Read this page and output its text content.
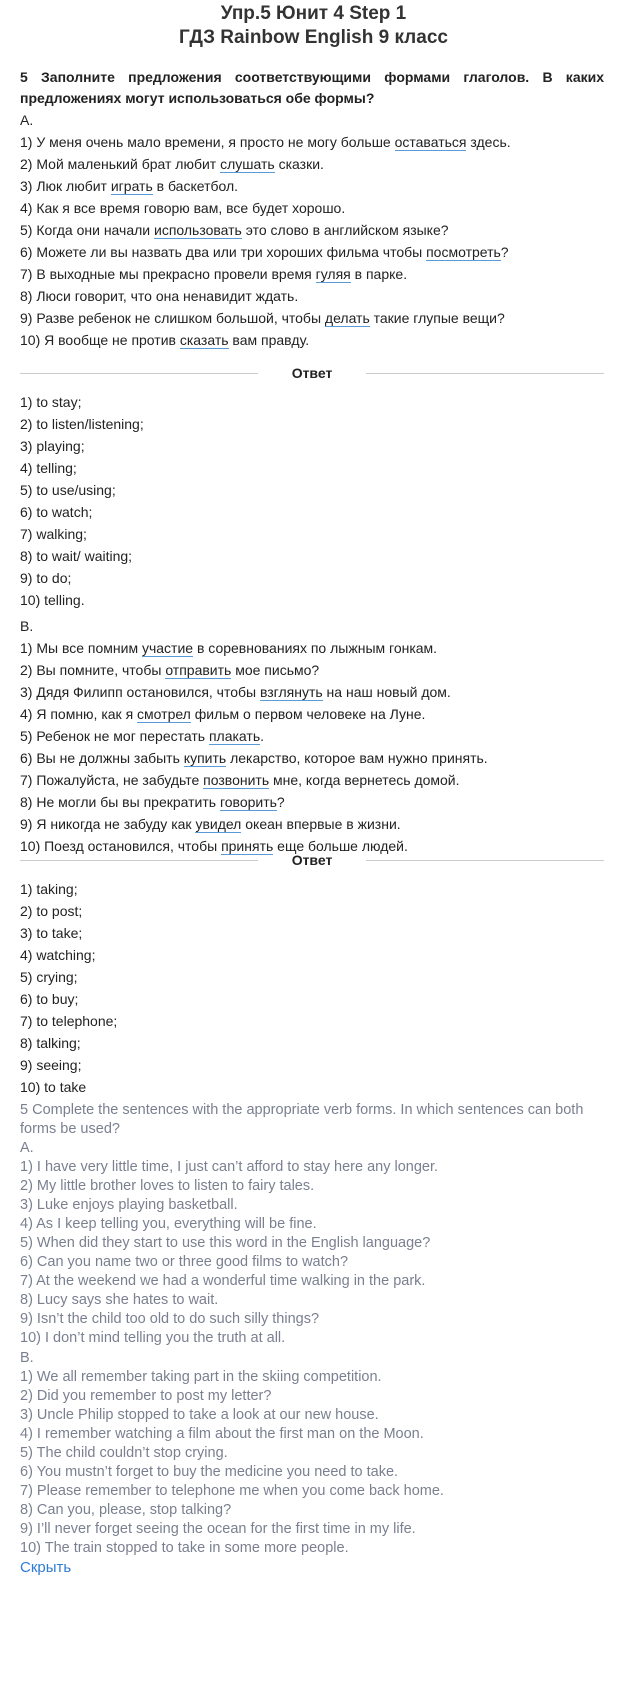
Упр.5 Юнит 4 Step 1
ГДЗ Rainbow English 9 класс
5 Заполните предложения соответствующими формами глаголов. В каких предложениях могут использоваться обе формы?
A.
1) У меня очень мало времени, я просто не могу больше оставаться здесь.
2) Мой маленький брат любит слушать сказки.
3) Люк любит играть в баскетбол.
4) Как я все время говорю вам, все будет хорошо.
5) Когда они начали использовать это слово в английском языке?
6) Можете ли вы назвать два или три хороших фильма чтобы посмотреть?
7) В выходные мы прекрасно провели время гуляя в парке.
8) Люси говорит, что она ненавидит ждать.
9) Разве ребенок не слишком большой, чтобы делать такие глупые вещи?
10) Я вообще не против сказать вам правду.
Ответ
1) to stay;
2) to listen/listening;
3) playing;
4) telling;
5) to use/using;
6) to watch;
7) walking;
8) to wait/ waiting;
9) to do;
10) telling.
B.
1) Мы все помним участие в соревнованиях по лыжным гонкам.
2) Вы помните, чтобы отправить мое письмо?
3) Дядя Филипп остановился, чтобы взглянуть на наш новый дом.
4) Я помню, как я смотрел фильм о первом человеке на Луне.
5) Ребенок не мог перестать плакать.
6) Вы не должны забыть купить лекарство, которое вам нужно принять.
7) Пожалуйста, не забудьте позвонить мне, когда вернетесь домой.
8) Не могли бы вы прекратить говорить?
9) Я никогда не забуду как увидел океан впервые в жизни.
10) Поезд остановился, чтобы принять еще больше людей.
Ответ
1) taking;
2) to post;
3) to take;
4) watching;
5) crying;
6) to buy;
7) to telephone;
8) talking;
9) seeing;
10) to take
5 Complete the sentences with the appropriate verb forms. In which sentences can both forms be used?
A.
1) I have very little time, I just can’t afford to stay here any longer.
2) My little brother loves to listen to fairy tales.
3) Luke enjoys playing basketball.
4) As I keep telling you, everything will be fine.
5) When did they start to use this word in the English language?
6) Can you name two or three good films to watch?
7) At the weekend we had a wonderful time walking in the park.
8) Lucy says she hates to wait.
9) Isn’t the child too old to do such silly things?
10) I don’t mind telling you the truth at all.
B.
1) We all remember taking part in the skiing competition.
2) Did you remember to post my letter?
3) Uncle Philip stopped to take a look at our new house.
4) I remember watching a film about the first man on the Moon.
5) The child couldn’t stop crying.
6) You mustn’t forget to buy the medicine you need to take.
7) Please remember to telephone me when you come back home.
8) Can you, please, stop talking?
9) I’ll never forget seeing the ocean for the first time in my life.
10) The train stopped to take in some more people.
Скрыть
